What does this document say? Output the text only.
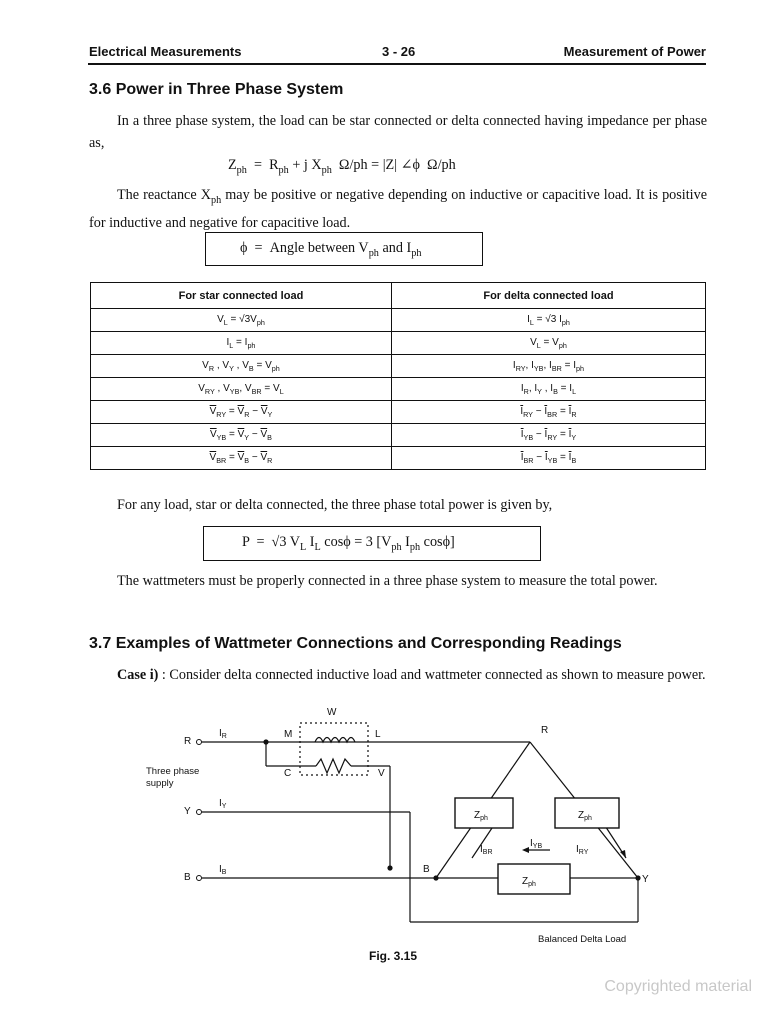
Electrical Measurements	3 - 26	Measurement of Power
3.6 Power in Three Phase System
In a three phase system, the load can be star connected or delta connected having impedance per phase as,
$Z_{ph} = R_{ph} + j$ $X_{ph}$  Ω/ph = |Z| ∠ϕ  Ω/ph
The reactance $X_{ph}$ may be positive or negative depending on inductive or capacitive load. It is positive for inductive and negative for capacitive load.
ϕ  =  Angle between $V_{ph}$ and $I_{ph}$
For star connected load	For delta connected load
$V_L = √3V_{ph}$	$I_L = √3$ $I_{ph}$
$I_L = I_{ph}$	$V_L = V_{ph}$
$V_R$ , $V_Y$ , $V_B = V_{ph}$	$I_{RY}$, $I_{YB}$, $I_{BR} = I_{ph}$
$V_{RY}$ , $V_{YB}$, $V_{BR} = V_L$	$I_R$, $I_Y$ , $I_B = I_L$
$\overline{V}_{RY} = \overline{V}_R - \overline{V}_Y$	$\overline{I}_{RY} - \overline{I}_{BR} = \overline{I}_R$
$\overline{V}_{YB} = \overline{V}_Y - \overline{V}_B$	$\overline{I}_{YB} - \overline{I}_{RY} = \overline{I}_Y$
$\overline{V}_{BR} = \overline{V}_B - \overline{V}_R$	$\overline{I}_{BR} - \overline{I}_{YB} = \overline{I}_B$
For any load, star or delta connected, the three phase total power is given by,
P  =  √3 $V_L$ $I_L$ cosϕ = 3 [$V_{ph}$ $I_{ph}$ cosϕ]
The wattmeters must be properly connected in a three phase system to measure the total power.
3.7 Examples of Wattmeter Connections and Corresponding Readings
Case i) : Consider delta connected inductive load and wattmeter connected as shown to measure power.
$Z_{ph}$	$Z_{ph}$
$Z_{ph}$
$I_R$
$I_Y$
$I_B$
$I_{BR}$
$I_{YB}$	$I_{RY}$
W
M	L
C	V
R
Y
B
Three phase
supply
R
B
Y
Balanced Delta Load
Fig. 3.15
Copyrighted material
